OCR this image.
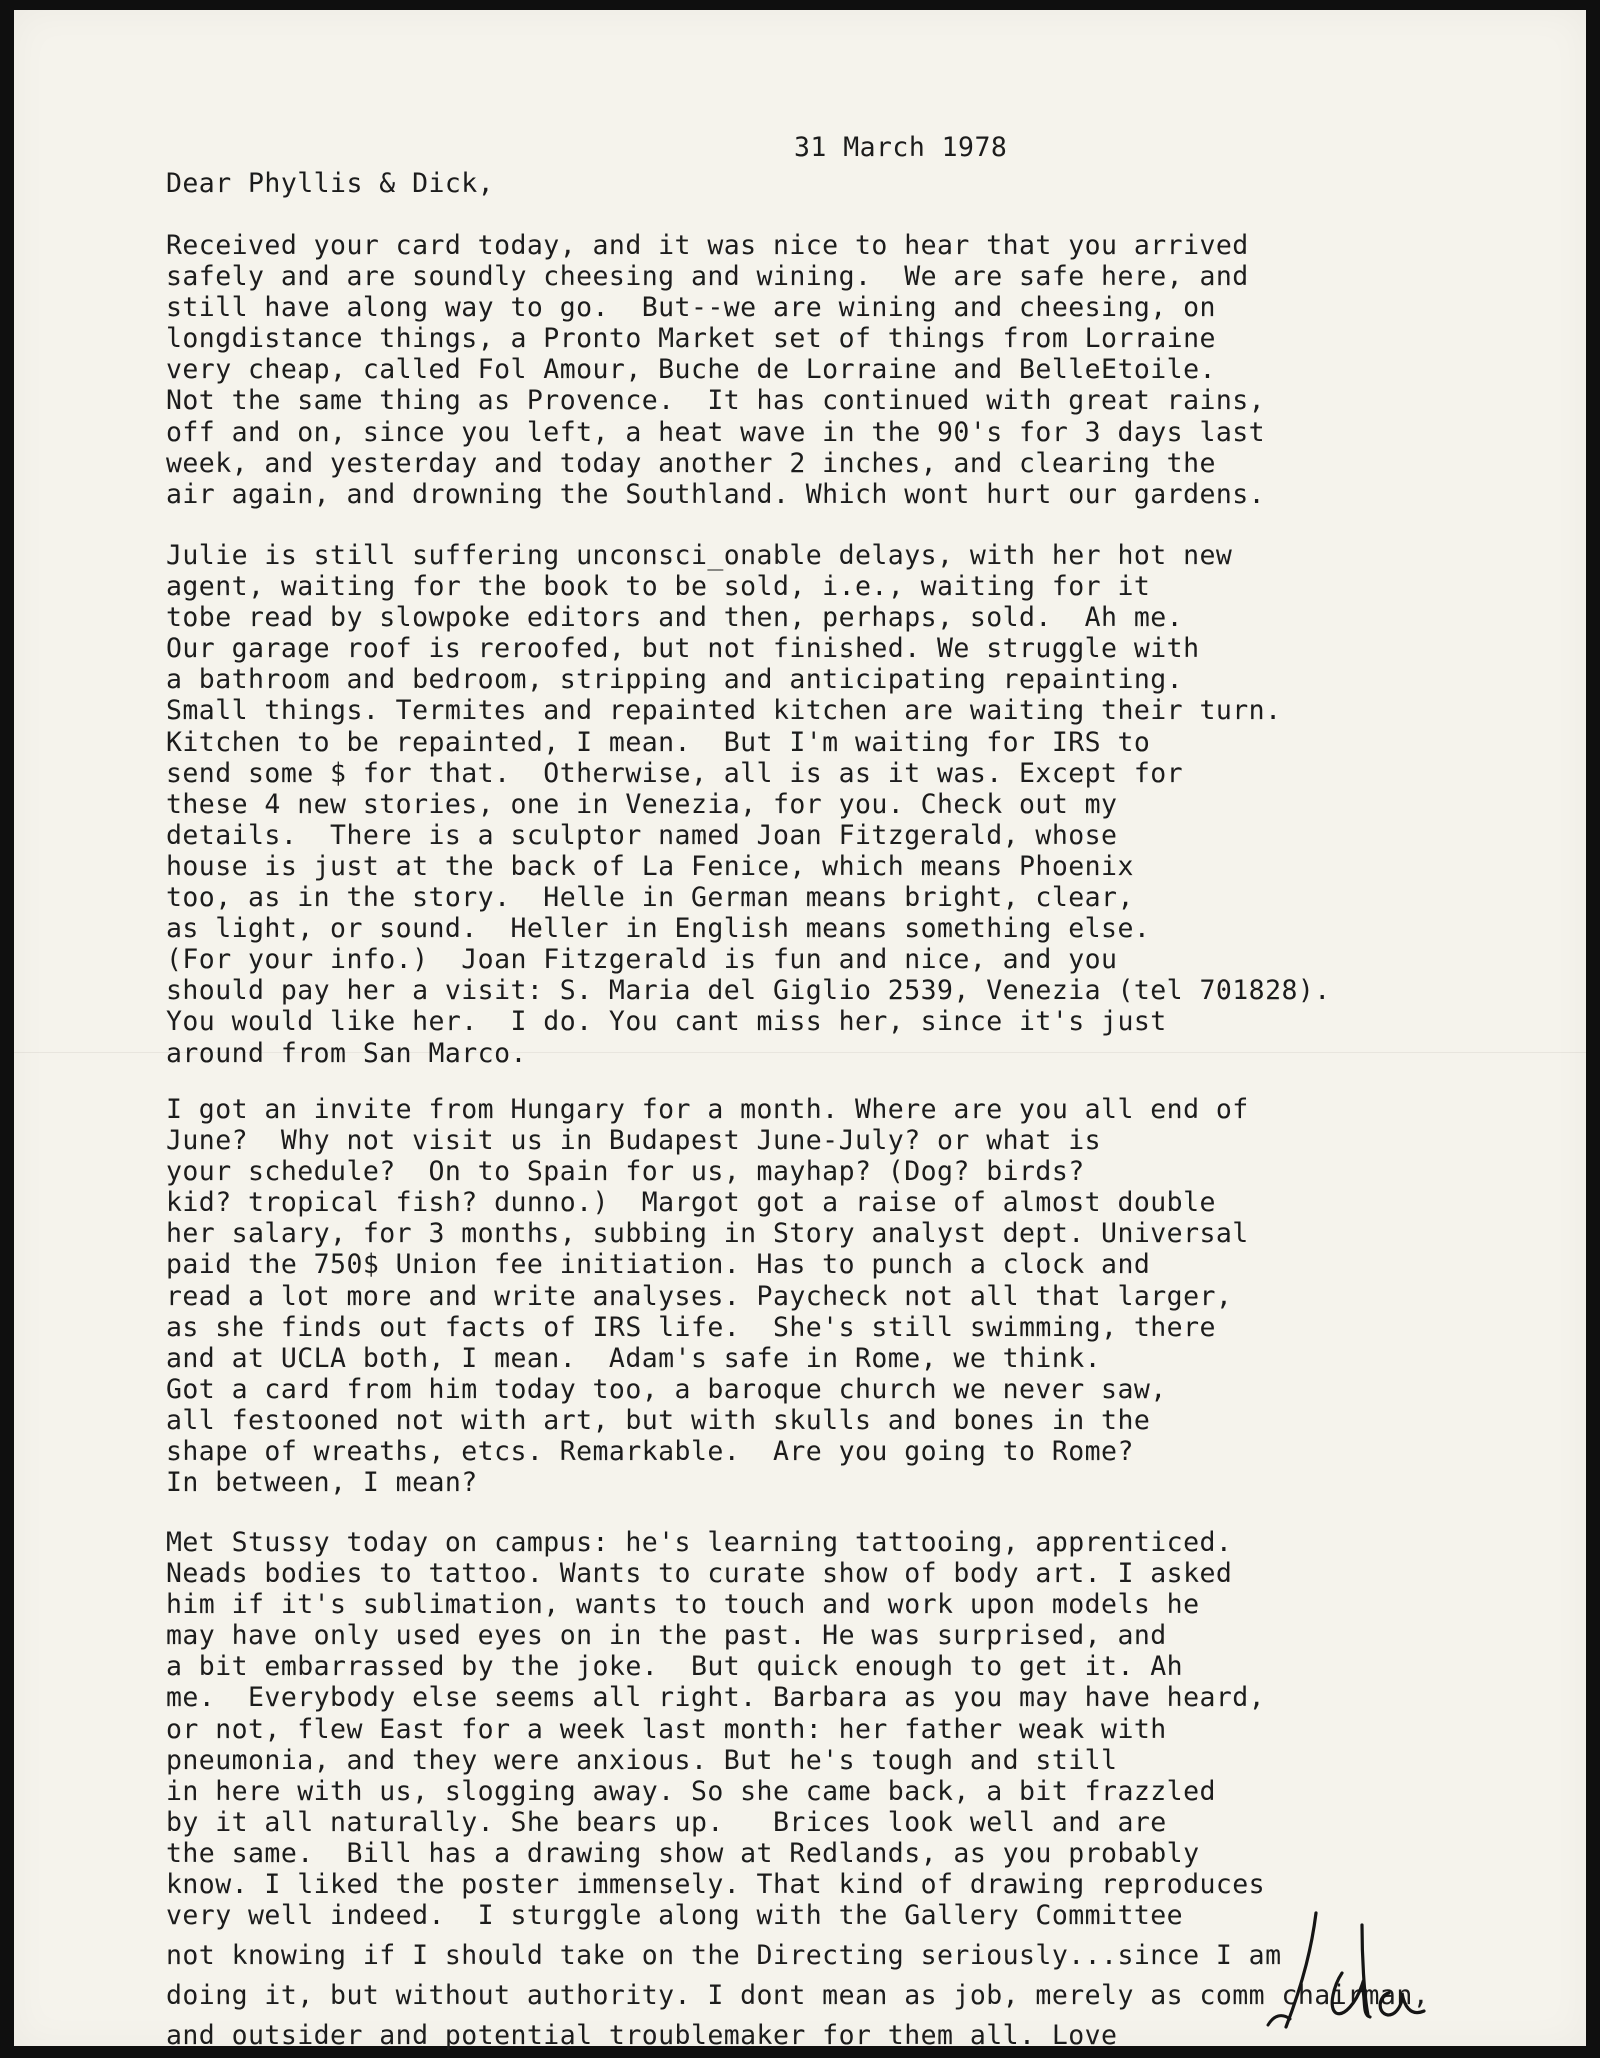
31 March 1978
Dear Phyllis & Dick,
Received your card today, and it was nice to hear that you arrived
safely and are soundly cheesing and wining.  We are safe here, and
still have along way to go.  But--we are wining and cheesing, on
longdistance things, a Pronto Market set of things from Lorraine
very cheap, called Fol Amour, Buche de Lorraine and BelleEtoile.
Not the same thing as Provence.  It has continued with great rains,
off and on, since you left, a heat wave in the 90's for 3 days last
week, and yesterday and today another 2 inches, and clearing the
air again, and drowning the Southland. Which wont hurt our gardens.
Julie is still suffering unconsci_onable delays, with her hot new
agent, waiting for the book to be sold, i.e., waiting for it
tobe read by slowpoke editors and then, perhaps, sold.  Ah me.
Our garage roof is reroofed, but not finished. We struggle with
a bathroom and bedroom, stripping and anticipating repainting.
Small things. Termites and repainted kitchen are waiting their turn.
Kitchen to be repainted, I mean.  But I'm waiting for IRS to
send some $ for that.  Otherwise, all is as it was. Except for
these 4 new stories, one in Venezia, for you. Check out my
details.  There is a sculptor named Joan Fitzgerald, whose
house is just at the back of La Fenice, which means Phoenix
too, as in the story.  Helle in German means bright, clear,
as light, or sound.  Heller in English means something else.
(For your info.)  Joan Fitzgerald is fun and nice, and you
should pay her a visit: S. Maria del Giglio 2539, Venezia (tel 701828).
You would like her.  I do. You cant miss her, since it's just
around from San Marco.
I got an invite from Hungary for a month. Where are you all end of
June?  Why not visit us in Budapest June-July? or what is
your schedule?  On to Spain for us, mayhap? (Dog? birds?
kid? tropical fish? dunno.)  Margot got a raise of almost double
her salary, for 3 months, subbing in Story analyst dept. Universal
paid the 750$ Union fee initiation. Has to punch a clock and
read a lot more and write analyses. Paycheck not all that larger,
as she finds out facts of IRS life.  She's still swimming, there
and at UCLA both, I mean.  Adam's safe in Rome, we think.
Got a card from him today too, a baroque church we never saw,
all festooned not with art, but with skulls and bones in the
shape of wreaths, etcs. Remarkable.  Are you going to Rome?
In between, I mean?
Met Stussy today on campus: he's learning tattooing, apprenticed.
Neads bodies to tattoo. Wants to curate show of body art. I asked
him if it's sublimation, wants to touch and work upon models he
may have only used eyes on in the past. He was surprised, and
a bit embarrassed by the joke.  But quick enough to get it. Ah
me.  Everybody else seems all right. Barbara as you may have heard,
or not, flew East for a week last month: her father weak with
pneumonia, and they were anxious. But he's tough and still
in here with us, slogging away. So she came back, a bit frazzled
by it all naturally. She bears up.   Brices look well and are
the same.  Bill has a drawing show at Redlands, as you probably
know. I liked the poster immensely. That kind of drawing reproduces
very well indeed.  I sturggle along with the Gallery Committee
not knowing if I should take on the Directing seriously...since I am
doing it, but without authority. I dont mean as job, merely as comm chairman,
and outsider and potential troublemaker for them all. Love
